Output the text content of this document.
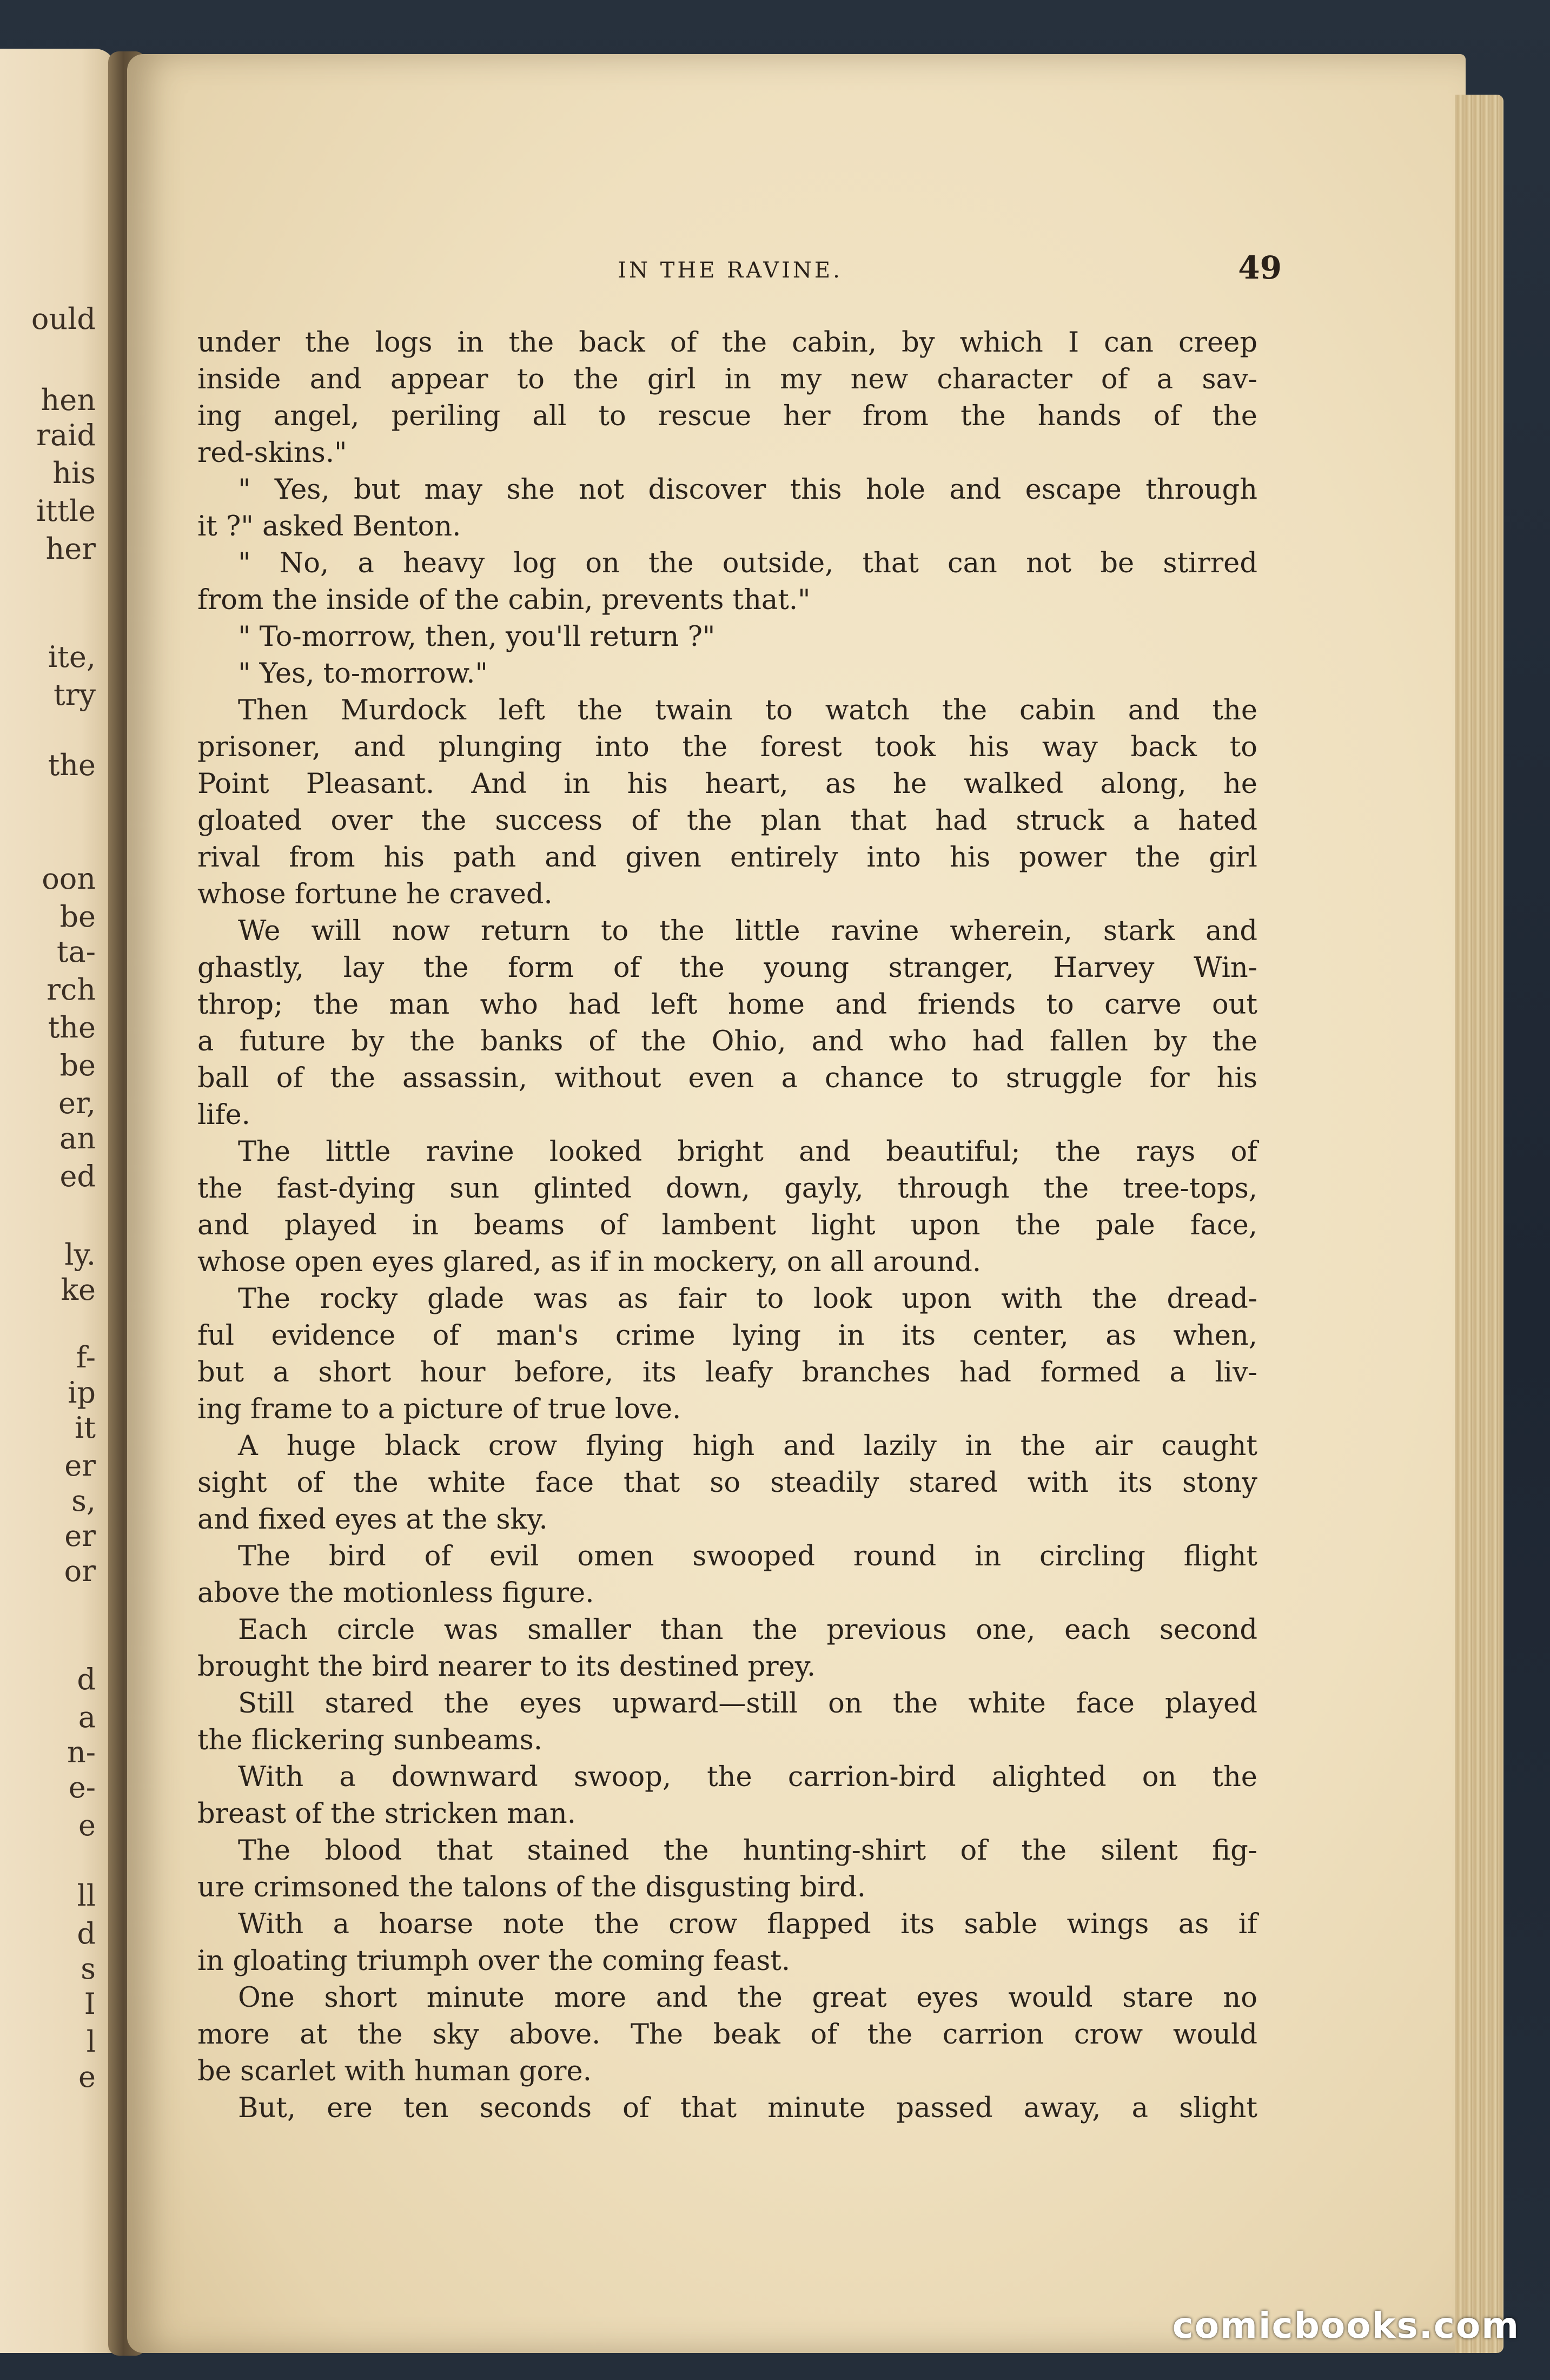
ould
hen
raid
his
ittle
her
ite,
try
the
oon
be
ta-
rch
the
be
er,
an
ed
ly.
ke
f-
ip
it
er
s,
er
or
d
a
n-
e-
e
ll
d
s
I
l
e
IN THE RAVINE.	49
under the logs in the back of the cabin, by which I can creep
inside and appear to the girl in my new character of a sav-
ing angel, periling all to rescue her from the hands of the
red-skins."
" Yes, but may she not discover this hole and escape through
it ?" asked Benton.
" No, a heavy log on the outside, that can not be stirred
from the inside of the cabin, prevents that."
" To-morrow, then, you'll return ?"
" Yes, to-morrow."
Then Murdock left the twain to watch the cabin and the
prisoner, and plunging into the forest took his way back to
Point Pleasant. And in his heart, as he walked along, he
gloated over the success of the plan that had struck a hated
rival from his path and given entirely into his power the girl
whose fortune he craved.
We will now return to the little ravine wherein, stark and
ghastly, lay the form of the young stranger, Harvey Win-
throp; the man who had left home and friends to carve out
a future by the banks of the Ohio, and who had fallen by the
ball of the assassin, without even a chance to struggle for his
life.
The little ravine looked bright and beautiful; the rays of
the fast-dying sun glinted down, gayly, through the tree-tops,
and played in beams of lambent light upon the pale face,
whose open eyes glared, as if in mockery, on all around.
The rocky glade was as fair to look upon with the dread-
ful evidence of man's crime lying in its center, as when,
but a short hour before, its leafy branches had formed a liv-
ing frame to a picture of true love.
A huge black crow flying high and lazily in the air caught
sight of the white face that so steadily stared with its stony
and fixed eyes at the sky.
The bird of evil omen swooped round in circling flight
above the motionless figure.
Each circle was smaller than the previous one, each second
brought the bird nearer to its destined prey.
Still stared the eyes upward—still on the white face played
the flickering sunbeams.
With a downward swoop, the carrion-bird alighted on the
breast of the stricken man.
The blood that stained the hunting-shirt of the silent fig-
ure crimsoned the talons of the disgusting bird.
With a hoarse note the crow flapped its sable wings as if
in gloating triumph over the coming feast.
One short minute more and the great eyes would stare no
more at the sky above. The beak of the carrion crow would
be scarlet with human gore.
But, ere ten seconds of that minute passed away, a slight
comicbooks.com
